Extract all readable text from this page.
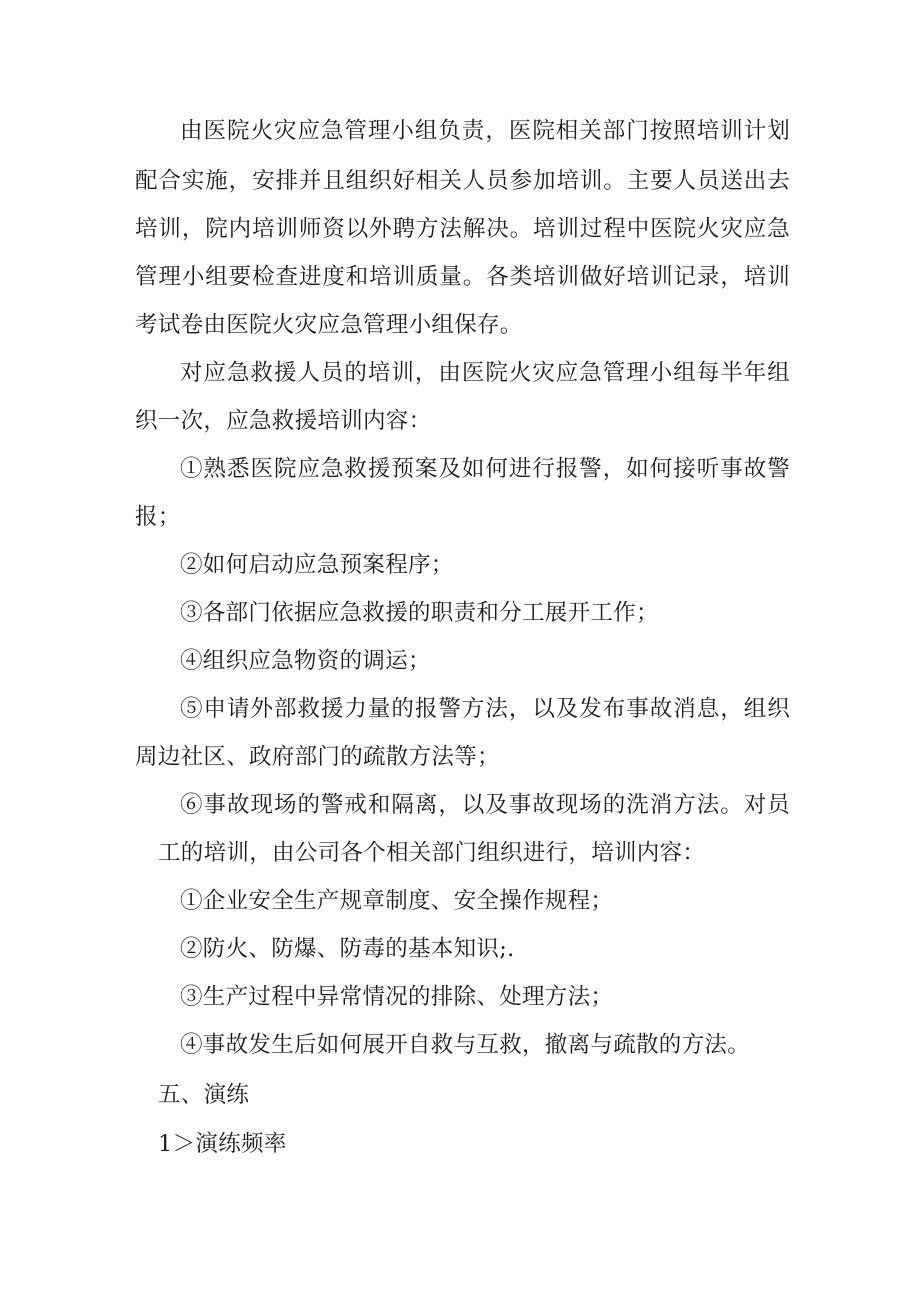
由医院火灾应急管理小组负责，医院相关部门按照培训计划
配合实施，安排并且组织好相关人员参加培训。主要人员送出去
培训，院内培训师资以外聘方法解决。培训过程中医院火灾应急
管理小组要检查进度和培训质量。各类培训做好培训记录，培训
考试卷由医院火灾应急管理小组保存。
对应急救援人员的培训，由医院火灾应急管理小组每半年组
织一次，应急救援培训内容：
①熟悉医院应急救援预案及如何进行报警，如何接听事故警
报；
②如何启动应急预案程序；
③各部门依据应急救援的职责和分工展开工作；
④组织应急物资的调运；
⑤申请外部救援力量的报警方法，以及发布事故消息，组织
周边社区、政府部门的疏散方法等；
⑥事故现场的警戒和隔离，以及事故现场的洗消方法。对员
工的培训，由公司各个相关部门组织进行，培训内容：
①企业安全生产规章制度、安全操作规程；
②防火、防爆、防毒的基本知识;.
③生产过程中异常情况的排除、处理方法；
④事故发生后如何展开自救与互救，撤离与疏散的方法。
五、演练
1＞演练频率
